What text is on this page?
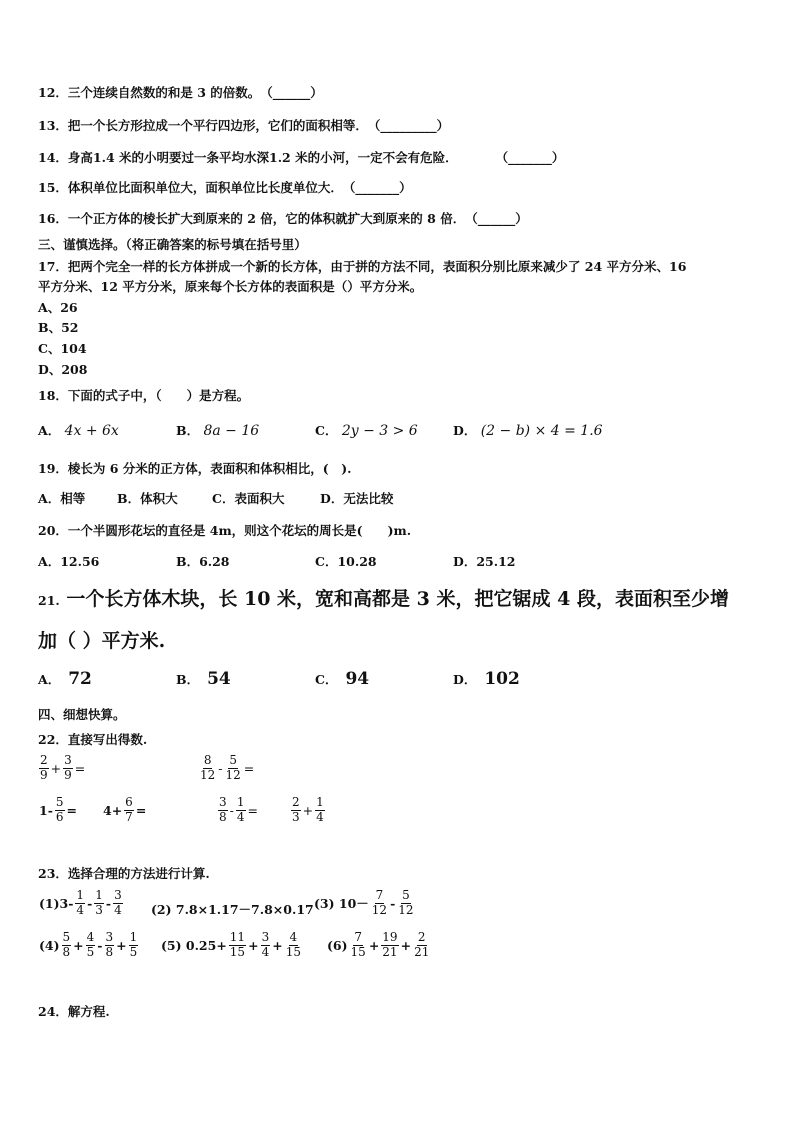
12．三个连续自然数的和是 3 的倍数。（______）
13．把一个长方形拉成一个平行四边形，它们的面积相等．（_________）
14．身高1.4 米的小明要过一条平均水深1.2 米的小河，一定不会有危险．	（_______）
15．体积单位比面积单位大，面积单位比长度单位大．（_______）
16．一个正方体的棱长扩大到原来的 2 倍，它的体积就扩大到原来的 8 倍．（______）
三、谨慎选择。（将正确答案的标号填在括号里）
17．把两个完全一样的长方体拼成一个新的长方体，由于拼的方法不同，表面积分别比原来减少了 24 平方分米、16
平方分米、12 平方分米，原来每个长方体的表面积是（）平方分米。
A、26
B、52
C、104
D、208
18．下面的式子中，（　　）是方程。
A． 4x + 6x	B． 8a − 16	C． 2y − 3 > 6	D． (2 − b) × 4 = 1.6
19．棱长为 6 分米的正方体，表面积和体积相比，(　).
A．相等	B．体积大	C．表面积大	D．无法比较
20．一个半圆形花坛的直径是 4m，则这个花坛的周长是(　　)m.
A．12.56	B．6.28	C．10.28	D．25.12
21. 一个长方体木块，长 10 米，宽和高都是 3 米，把它锯成 4 段，表面积至少增
加（ ）平方米.
A． 72	B． 54	C． 94	D． 102
四、细想快算。
22．直接写出得数.
$\frac{2}{9} + \frac{3}{9}$ =	$\frac{8}{12} - \frac{5}{12}$ =
$1- \frac{5}{6} = 4+ \frac{6}{7}$ =	$\frac{3}{8} - \frac{1}{4}$ =	$\frac{2}{3} + \frac{1}{4}$
23．选择合理的方法进行计算.
$(1)3- \frac{1}{4} - \frac{1}{3} - \frac{3}{4} (2)$ 7.8×1.17－7.8×0.17 (3) $10- \frac{7}{12} - \frac{5}{12}$
$(4) \frac{5}{8} + \frac{4}{5} - \frac{3}{8} + \frac{1}{5} (5)$ $0.25+ \frac{11}{15} + \frac{3}{4} + \frac{4}{15} (6) \frac{7}{15} + \frac{19}{21} + \frac{2}{21}$
24．解方程.
